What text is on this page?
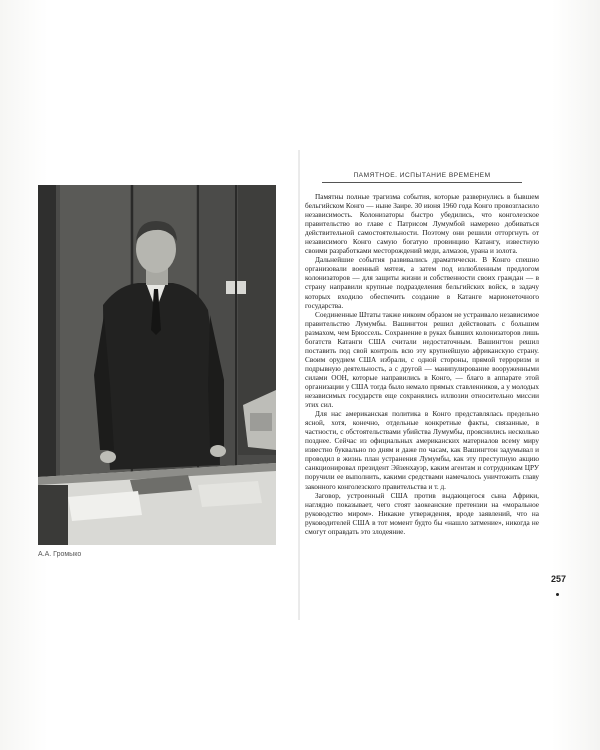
А.А. Громыко
ПАМЯТНОЕ. ИСПЫТАНИЕ ВРЕМЕНЕМ

Памятны полные трагизма события, которые развернулись в бывшем бельгийском Конго — ныне Заире. 30 июня 1960 года Конго провозгласило независимость. Колонизаторы быстро убедились, что конголезское правительство во главе с Патрисом Лумумбой намерено добиваться действительной самостоятельности. Поэтому они решили отторгнуть от независимого Конго самую богатую провинцию Катангу, известную своими разработками месторождений меди, алмазов, урана и золота.

Дальнейшие события развивались драматически. В Конго спешно организовали военный мятеж, а затем под излюбленным предлогом колонизаторов — для защиты жизни и собственности своих граждан — в страну направили крупные подразделения бельгийских войск, в задачу которых входило обеспечить создание в Катанге марионеточного государства.

Соединенные Штаты также никоим образом не устраивало независимое правительство Лумумбы. Вашингтон решил действовать с большим размахом, чем Брюссель. Сохранение в руках бывших колонизаторов лишь богатств Катанги США считали недостаточным. Вашингтон решил поставить под свой контроль всю эту крупнейшую африканскую страну. Своим орудием США избрали, с одной стороны, прямой терроризм и подрывную деятельность, а с другой — манипулирование вооруженными силами ООН, которые направились в Конго, — благо в аппарате этой организации у США тогда было немало прямых ставленников, а у молодых независимых государств еще сохранялись иллюзии относительно миссии этих сил.

Для нас американская политика в Конго представлялась предельно ясной, хотя, конечно, отдельные конкретные факты, связанные, в частности, с обстоятельствами убийства Лумумбы, прояснились несколько позднее. Сейчас из официальных американских материалов всему миру известно буквально по дням и даже по часам, как Вашингтон задумывал и проводил в жизнь план устранения Лумумбы, как эту преступную акцию санкционировал президент Эйзенхауэр, каким агентам и сотрудникам ЦРУ поручили ее выполнить, какими средствами намечалось уничтожить главу законного конголезского правительства и т. д.

Заговор, устроенный США против выдающегося сына Африки, наглядно показывает, чего стоят заокеанские претензии на «моральное руководство миром». Никакие утверждения, вроде заявлений, что на руководителей США в тот момент будто бы «нашло затмение», никогда не смогут оправдать это злодеяние.

257
